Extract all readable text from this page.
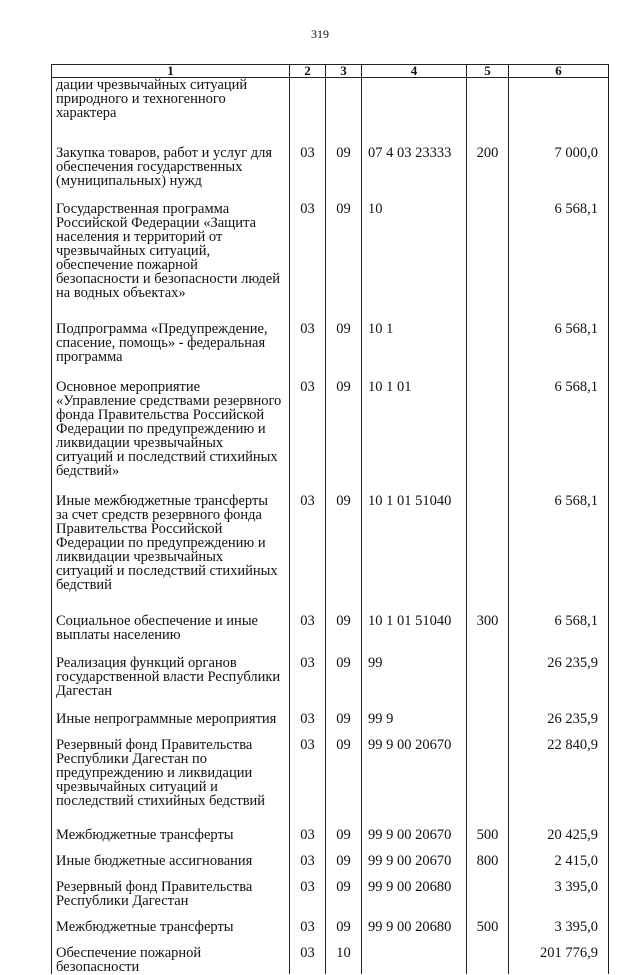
319
1	2	3	4	5	6
дации чрезвычайных ситуаций природного и техногенного характера					
Закупка товаров, работ и услуг для обеспечения государственных (муниципальных) нужд	03	09	07 4 03 23333	200	7 000,0
Государственная программа Российской Федерации «Защита населения и территорий от чрезвычайных ситуаций, обеспечение пожарной безопасности и безопасности людей на водных объектах»	03	09	10		6 568,1
Подпрограмма «Предупреждение, спасение, помощь» - федеральная программа	03	09	10 1		6 568,1
Основное мероприятие «Управление средствами резервного фонда Правительства Российской Федерации по предупреждению и ликвидации чрезвычайных ситуаций и последствий стихийных бедствий»	03	09	10 1 01		6 568,1
Иные межбюджетные трансферты за счет средств резервного фонда Правительства Российской Федерации по предупреждению и ликвидации чрезвычайных ситуаций и последствий стихийных бедствий	03	09	10 1 01 51040		6 568,1
Социальное обеспечение и иные выплаты населению	03	09	10 1 01 51040	300	6 568,1
Реализация функций органов государственной власти Республики Дагестан	03	09	99		26 235,9
Иные непрограммные мероприятия	03	09	99 9		26 235,9
Резервный фонд Правительства Республики Дагестан по предупреждению и ликвидации чрезвычайных ситуаций и последствий стихийных бедствий	03	09	99 9 00 20670		22 840,9
Межбюджетные трансферты	03	09	99 9 00 20670	500	20 425,9
Иные бюджетные ассигнования	03	09	99 9 00 20670	800	2 415,0
Резервный фонд Правительства Республики Дагестан	03	09	99 9 00 20680		3 395,0
Межбюджетные трансферты	03	09	99 9 00 20680	500	3 395,0
Обеспечение пожарной безопасности	03	10			201 776,9
